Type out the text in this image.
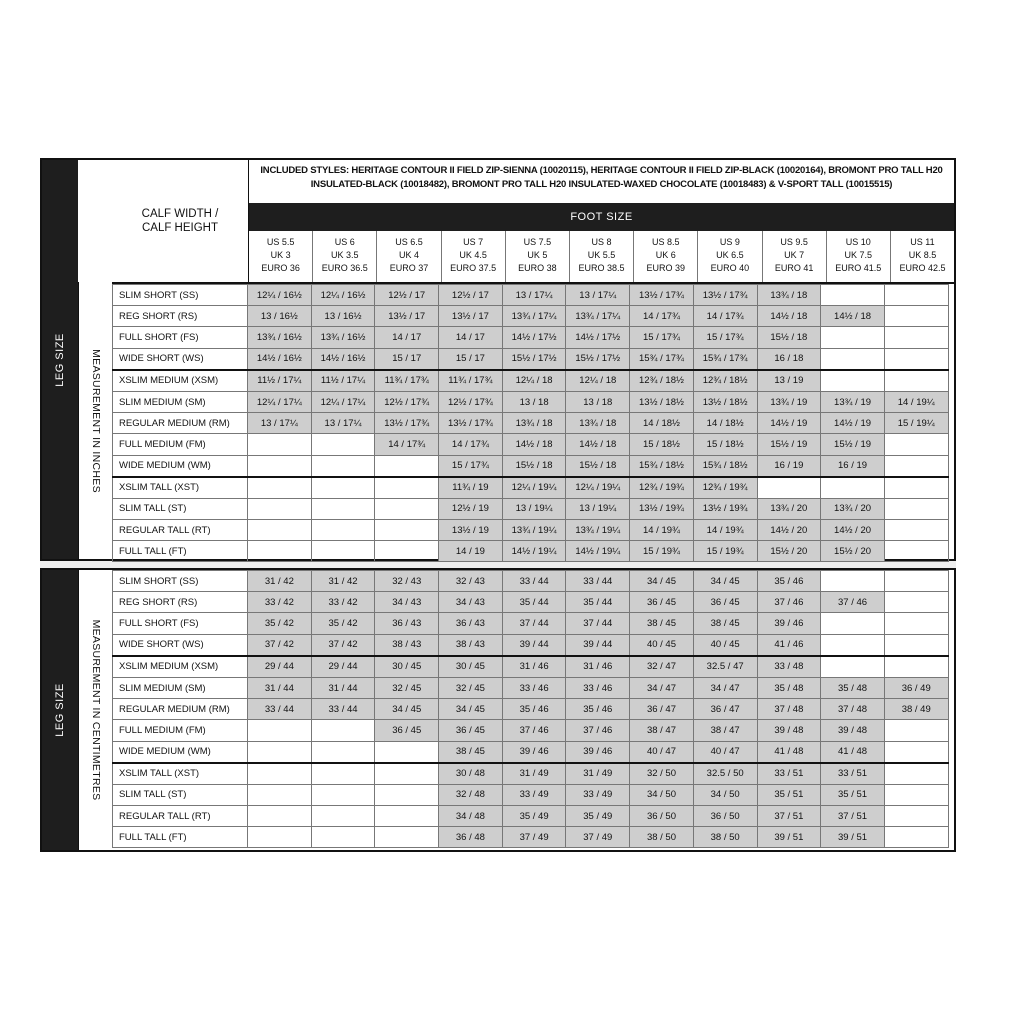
LEG SIZE MEASUREMENT IN INCHES
CALF WIDTH /
CALF HEIGHT
INCLUDED STYLES: HERITAGE CONTOUR II FIELD ZIP-SIENNA (10020115), HERITAGE CONTOUR II FIELD ZIP-BLACK (10020164), BROMONT PRO TALL H20
INSULATED-BLACK (10018482), BROMONT PRO TALL H20 INSULATED-WAXED CHOCOLATE (10018483) & V-SPORT TALL (10015515)
FOOT SIZE
US 5.5
UK 3
EURO 36
US 6
UK 3.5
EURO 36.5
US 6.5
UK 4
EURO 37
US 7
UK 4.5
EURO 37.5
US 7.5
UK 5
EURO 38
US 8
UK 5.5
EURO 38.5
US 8.5
UK 6
EURO 39
US 9
UK 6.5
EURO 40
US 9.5
UK 7
EURO 41
US 10
UK 7.5
EURO 41.5
US 11
UK 8.5
EURO 42.5
SLIM SHORT (SS)	12¼ / 16½	12¼ / 16½	12½ / 17	12½ / 17	13 / 17¼	13 / 17¼	13½ / 17¾	13½ / 17¾	13¾ / 18		
REG SHORT (RS)	13 / 16½	13 / 16½	13½ / 17	13½ / 17	13¾ / 17¼	13¾ / 17¼	14 / 17¾	14 / 17¾	14½ / 18	14½ / 18	
FULL SHORT (FS)	13¾ / 16½	13¾ / 16½	14 / 17	14 / 17	14½ / 17½	14½ / 17½	15 / 17¾	15 / 17¾	15½ / 18		
WIDE SHORT (WS)	14½ / 16½	14½ / 16½	15 / 17	15 / 17	15½ / 17½	15½ / 17½	15¾ / 17¾	15¾ / 17¾	16 / 18		
XSLIM MEDIUM (XSM)	11½ / 17¼	11½ / 17¼	11¾ / 17¾	11¾ / 17¾	12¼ / 18	12¼ / 18	12¾ / 18½	12¾ / 18½	13 / 19		
SLIM MEDIUM (SM)	12¼ / 17¼	12¼ / 17¼	12½ / 17¾	12½ / 17¾	13 / 18	13 / 18	13½ / 18½	13½ / 18½	13¾ / 19	13¾ / 19	14 / 19¼
REGULAR MEDIUM (RM)	13 / 17¼	13 / 17¼	13½ / 17¾	13½ / 17¾	13¾ / 18	13¾ / 18	14 / 18½	14 / 18½	14½ / 19	14½ / 19	15 / 19¼
FULL MEDIUM (FM)			14 / 17¾	14 / 17¾	14½ / 18	14½ / 18	15 / 18½	15 / 18½	15½ / 19	15½ / 19	
WIDE MEDIUM (WM)				15 / 17¾	15½ / 18	15½ / 18	15¾ / 18½	15¾ / 18½	16 / 19	16 / 19	
XSLIM TALL (XST)				11¾ / 19	12¼ / 19¼	12¼ / 19¼	12¾ / 19¾	12¾ / 19¾			
SLIM TALL (ST)				12½ / 19	13 / 19¼	13 / 19¼	13½ / 19¾	13½ / 19¾	13¾ / 20	13¾ / 20	
REGULAR TALL (RT)				13½ / 19	13¾ / 19¼	13¾ / 19¼	14 / 19¾	14 / 19¾	14½ / 20	14½ / 20	
FULL TALL (FT)				14 / 19	14½ / 19¼	14½ / 19¼	15 / 19¾	15 / 19¾	15½ / 20	15½ / 20	
LEG SIZE MEASUREMENT IN CENTIMETRES
SLIM SHORT (SS)	31 / 42	31 / 42	32 / 43	32 / 43	33 / 44	33 / 44	34 / 45	34 / 45	35 / 46		
REG SHORT (RS)	33 / 42	33 / 42	34 / 43	34 / 43	35 / 44	35 / 44	36 / 45	36 / 45	37 / 46	37 / 46	
FULL SHORT (FS)	35 / 42	35 / 42	36 / 43	36 / 43	37 / 44	37 / 44	38 / 45	38 / 45	39 / 46		
WIDE SHORT (WS)	37 / 42	37 / 42	38 / 43	38 / 43	39 / 44	39 / 44	40 / 45	40 / 45	41 / 46		
XSLIM MEDIUM (XSM)	29 / 44	29 / 44	30 / 45	30 / 45	31 / 46	31 / 46	32 / 47	32.5 / 47	33 / 48		
SLIM MEDIUM (SM)	31 / 44	31 / 44	32 / 45	32 / 45	33 / 46	33 / 46	34 / 47	34 / 47	35 / 48	35 / 48	36 / 49
REGULAR MEDIUM (RM)	33 / 44	33 / 44	34 / 45	34 / 45	35 / 46	35 / 46	36 / 47	36 / 47	37 / 48	37 / 48	38 / 49
FULL MEDIUM (FM)			36 / 45	36 / 45	37 / 46	37 / 46	38 / 47	38 / 47	39 / 48	39 / 48	
WIDE MEDIUM (WM)				38 / 45	39 / 46	39 / 46	40 / 47	40 / 47	41 / 48	41 / 48	
XSLIM TALL (XST)				30 / 48	31 / 49	31 / 49	32 / 50	32.5 / 50	33 / 51	33 / 51	
SLIM TALL (ST)				32 / 48	33 / 49	33 / 49	34 / 50	34 / 50	35 / 51	35 / 51	
REGULAR TALL (RT)				34 / 48	35 / 49	35 / 49	36 / 50	36 / 50	37 / 51	37 / 51	
FULL TALL (FT)				36 / 48	37 / 49	37 / 49	38 / 50	38 / 50	39 / 51	39 / 51	
